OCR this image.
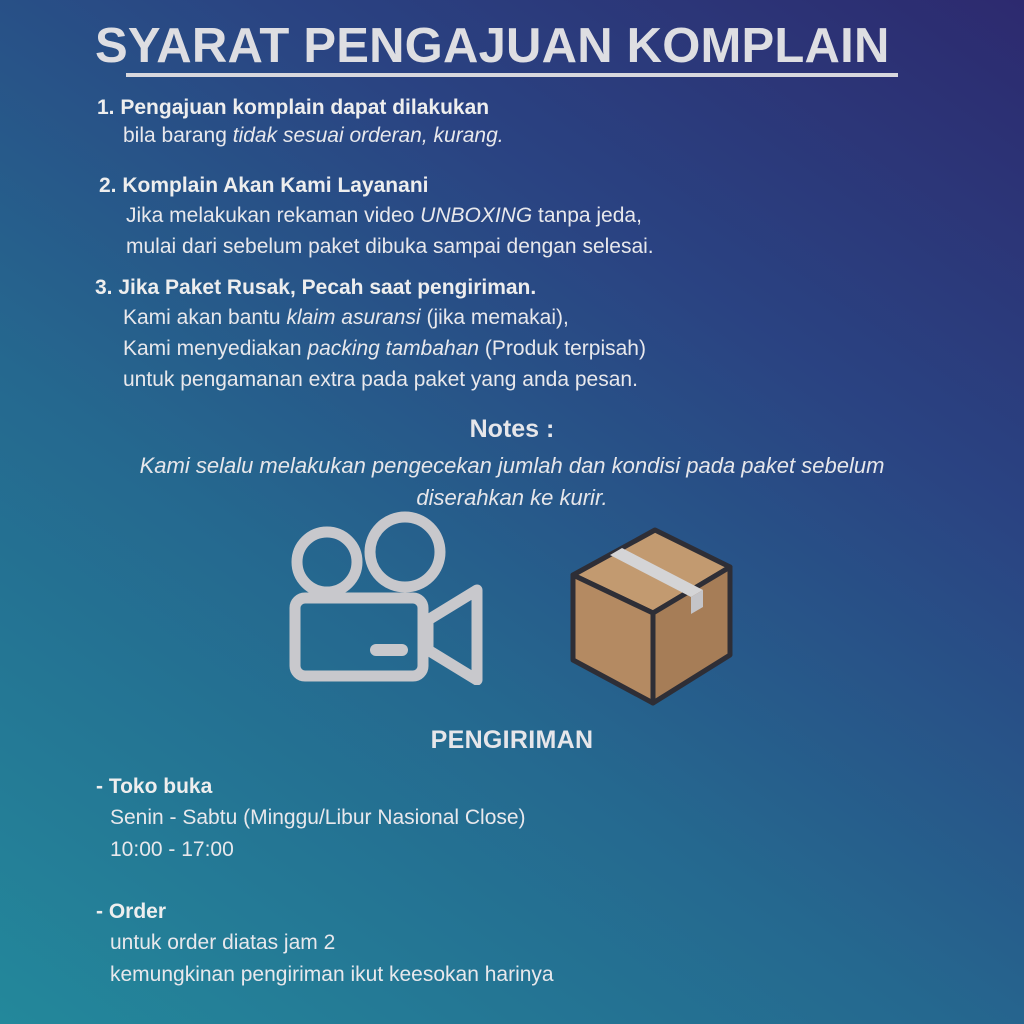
SYARAT PENGAJUAN KOMPLAIN
1. Pengajuan komplain dapat dilakukan
bila barang tidak sesuai orderan, kurang.
2. Komplain Akan Kami Layanani
Jika melakukan rekaman video UNBOXING tanpa jeda,
mulai dari sebelum paket dibuka sampai dengan selesai.
3. Jika Paket Rusak, Pecah saat pengiriman.
Kami akan bantu klaim asuransi (jika memakai),
Kami menyediakan packing tambahan (Produk terpisah)
untuk pengamanan extra pada paket yang anda pesan.
Notes :
Kami selalu melakukan pengecekan jumlah dan kondisi pada paket sebelum diserahkan ke kurir.
PENGIRIMAN
- Toko buka
Senin - Sabtu (Minggu/Libur Nasional Close)
10:00 - 17:00
- Order
untuk order diatas jam 2
kemungkinan pengiriman ikut keesokan harinya
